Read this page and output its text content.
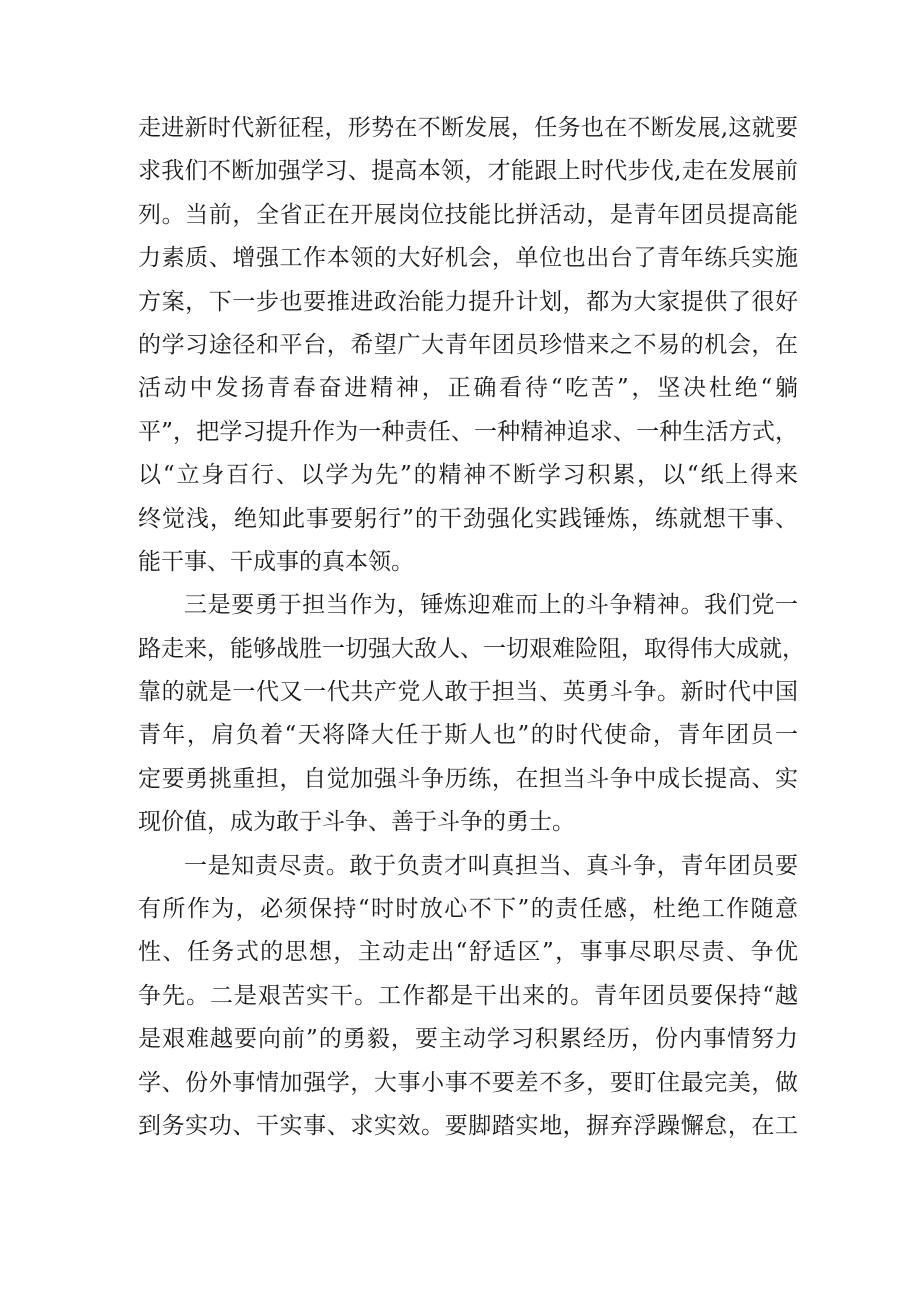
走进新时代新征程，形势在不断发展，任务也在不断发展,这就要
求我们不断加强学习、提高本领，才能跟上时代步伐,走在发展前
列。当前，全省正在开展岗位技能比拼活动，是青年团员提高能
力素质、增强工作本领的大好机会，单位也出台了青年练兵实施
方案，下一步也要推进政治能力提升计划，都为大家提供了很好
的学习途径和平台，希望广大青年团员珍惜来之不易的机会，在
活动中发扬青春奋进精神，正确看待“吃苦”，坚决杜绝“躺
平”，把学习提升作为一种责任、一种精神追求、一种生活方式，
以“立身百行、以学为先”的精神不断学习积累，以“纸上得来
终觉浅，绝知此事要躬行”的干劲强化实践锤炼，练就想干事、
能干事、干成事的真本领。
三是要勇于担当作为，锤炼迎难而上的斗争精神。我们党一
路走来，能够战胜一切强大敌人、一切艰难险阻，取得伟大成就，
靠的就是一代又一代共产党人敢于担当、英勇斗争。新时代中国
青年，肩负着“天将降大任于斯人也”的时代使命，青年团员一
定要勇挑重担，自觉加强斗争历练，在担当斗争中成长提高、实
现价值，成为敢于斗争、善于斗争的勇士。
一是知责尽责。敢于负责才叫真担当、真斗争，青年团员要
有所作为，必须保持“时时放心不下”的责任感，杜绝工作随意
性、任务式的思想，主动走出“舒适区”，事事尽职尽责、争优
争先。二是艰苦实干。工作都是干出来的。青年团员要保持“越
是艰难越要向前”的勇毅，要主动学习积累经历，份内事情努力
学、份外事情加强学，大事小事不要差不多，要盯住最完美，做
到务实功、干实事、求实效。要脚踏实地，摒弃浮躁懈怠，在工
